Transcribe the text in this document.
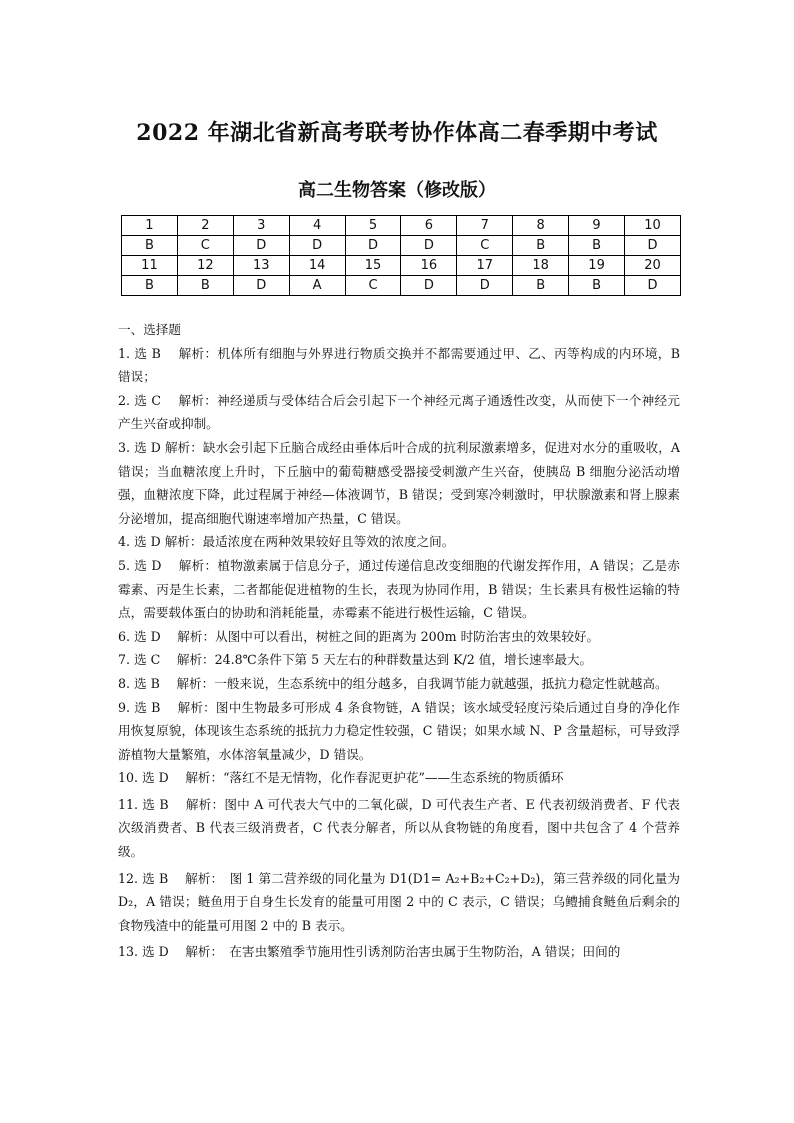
2022 年湖北省新高考联考协作体高二春季期中考试
高二生物答案（修改版）
1	2	3	4	5	6	7	8	9	10
B	C	D	D	D	D	C	B	B	D
11	12	13	14	15	16	17	18	19	20
B	B	D	A	C	D	D	B	B	D

一、选择题

1. 选 B　 解析：机体所有细胞与外界进行物质交换并不都需要通过甲、乙、丙等构成的内环境，B 错误；

2. 选 C　 解析：神经递质与受体结合后会引起下一个神经元离子通透性改变，从而使下一个神经元产生兴奋或抑制。

3. 选 D 解析：缺水会引起下丘脑合成经由垂体后叶合成的抗利尿激素增多，促进对水分的重吸收，A 错误；当血糖浓度上升时，下丘脑中的葡萄糖感受器接受刺激产生兴奋，使胰岛 B 细胞分泌活动增强，血糖浓度下降，此过程属于神经—体液调节，B 错误；受到寒冷刺激时，甲状腺激素和肾上腺素分泌增加，提高细胞代谢速率增加产热量，C 错误。

4. 选 D 解析：最适浓度在两种效果较好且等效的浓度之间。

5. 选 D　 解析：植物激素属于信息分子，通过传递信息改变细胞的代谢发挥作用，A 错误；乙是赤霉素、丙是生长素，二者都能促进植物的生长，表现为协同作用，B 错误；生长素具有极性运输的特点，需要载体蛋白的协助和消耗能量，赤霉素不能进行极性运输，C 错误。

6. 选 D　 解析：从图中可以看出，树桩之间的距离为 200m 时防治害虫的效果较好。

7. 选 C　 解析：24.8℃条件下第 5 天左右的种群数量达到 K/2 值，增长速率最大。

8. 选 B　 解析：一般来说，生态系统中的组分越多，自我调节能力就越强，抵抗力稳定性就越高。

9. 选 B　 解析：图中生物最多可形成 4 条食物链，A 错误；该水域受轻度污染后通过自身的净化作用恢复原貌，体现该生态系统的抵抗力力稳定性较强，C 错误；如果水域 N、P 含量超标，可导致浮游植物大量繁殖，水体溶氧量减少，D 错误。

10. 选 D　 解析：“落红不是无情物，化作春泥更护花”——生态系统的物质循环

11. 选 B　 解析：图中 A 可代表大气中的二氧化碳，D 可代表生产者、E 代表初级消费者、F 代表次级消费者、B 代表三级消费者，C 代表分解者，所以从食物链的角度看，图中共包含了 4 个营养级。

12. 选 B　 解析：　图 1 第二营养级的同化量为 D1(D1= A₂+B₂+C₂+D₂)，第三营养级的同化量为 D₂，A 错误；鲢鱼用于自身生长发育的能量可用图 2 中的 C 表示，C 错误；乌鳢捕食鲢鱼后剩余的食物残渣中的能量可用图 2 中的 B 表示。

13. 选 D　 解析：　在害虫繁殖季节施用性引诱剂防治害虫属于生物防治，A 错误；田间的
